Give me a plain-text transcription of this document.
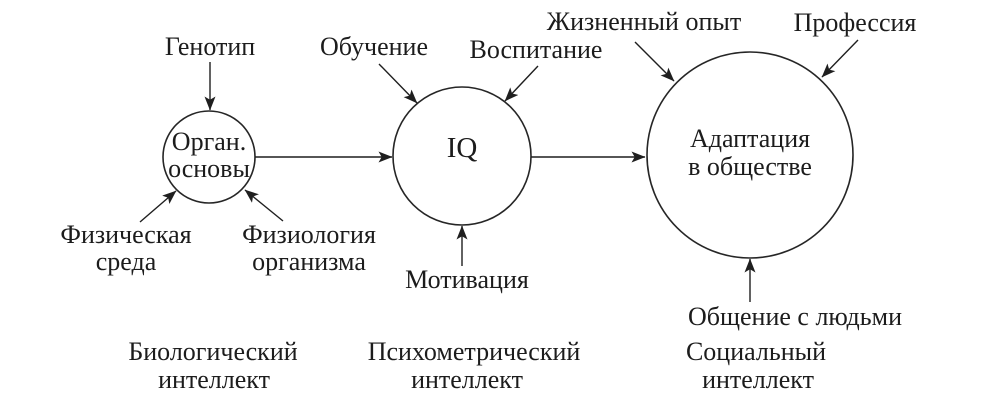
Генотип
Физическая
среда
Физиология
организма
Обучение Воспитание
Мотивация
Жизненный опыт Профессия
Общение с людьми
Орган.
основы
IQ	Адаптация
в обществе
Биологический
интеллект
Психометрический
интеллект
Социальный
интеллект
